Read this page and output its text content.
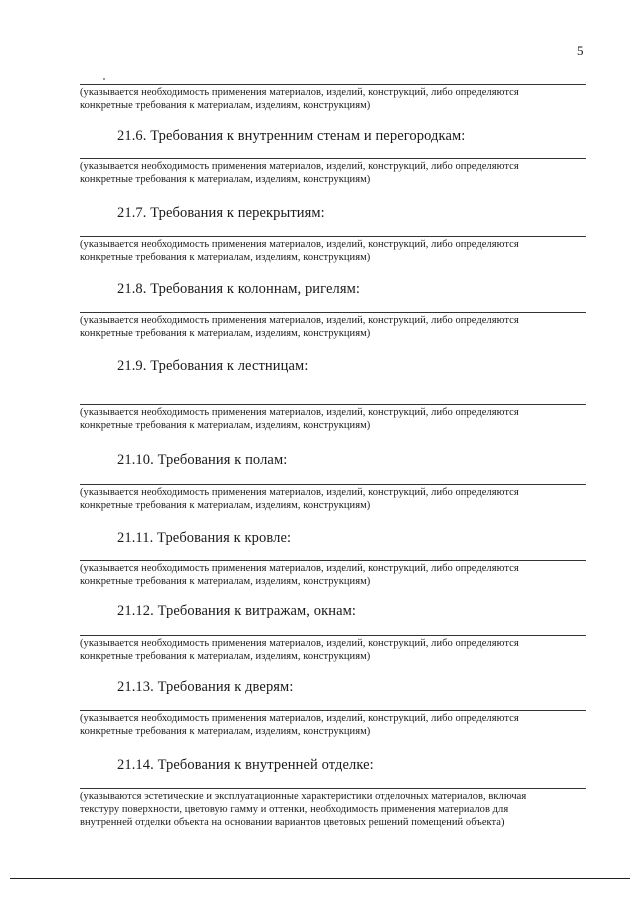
5
(указывается необходимость применения материалов, изделий, конструкций, либо определяются
конкретные требования к материалам, изделиям, конструкциям)
21.6. Требования к внутренним стенам и перегородкам:
(указывается необходимость применения материалов, изделий, конструкций, либо определяются
конкретные требования к материалам, изделиям, конструкциям)
21.7. Требования к перекрытиям:
(указывается необходимость применения материалов, изделий, конструкций, либо определяются
конкретные требования к материалам, изделиям, конструкциям)
21.8. Требования к колоннам, ригелям:
(указывается необходимость применения материалов, изделий, конструкций, либо определяются
конкретные требования к материалам, изделиям, конструкциям)
21.9. Требования к лестницам:
(указывается необходимость применения материалов, изделий, конструкций, либо определяются
конкретные требования к материалам, изделиям, конструкциям)
21.10. Требования к полам:
(указывается необходимость применения материалов, изделий, конструкций, либо определяются
конкретные требования к материалам, изделиям, конструкциям)
21.11. Требования к кровле:
(указывается необходимость применения материалов, изделий, конструкций, либо определяются
конкретные требования к материалам, изделиям, конструкциям)
21.12. Требования к витражам, окнам:
(указывается необходимость применения материалов, изделий, конструкций, либо определяются
конкретные требования к материалам, изделиям, конструкциям)
21.13. Требования к дверям:
(указывается необходимость применения материалов, изделий, конструкций, либо определяются
конкретные требования к материалам, изделиям, конструкциям)
21.14. Требования к внутренней отделке:
(указываются эстетические и эксплуатационные характеристики отделочных материалов, включая
текстуру поверхности, цветовую гамму и оттенки, необходимость применения материалов для
внутренней отделки объекта на основании вариантов цветовых решений помещений объекта)
